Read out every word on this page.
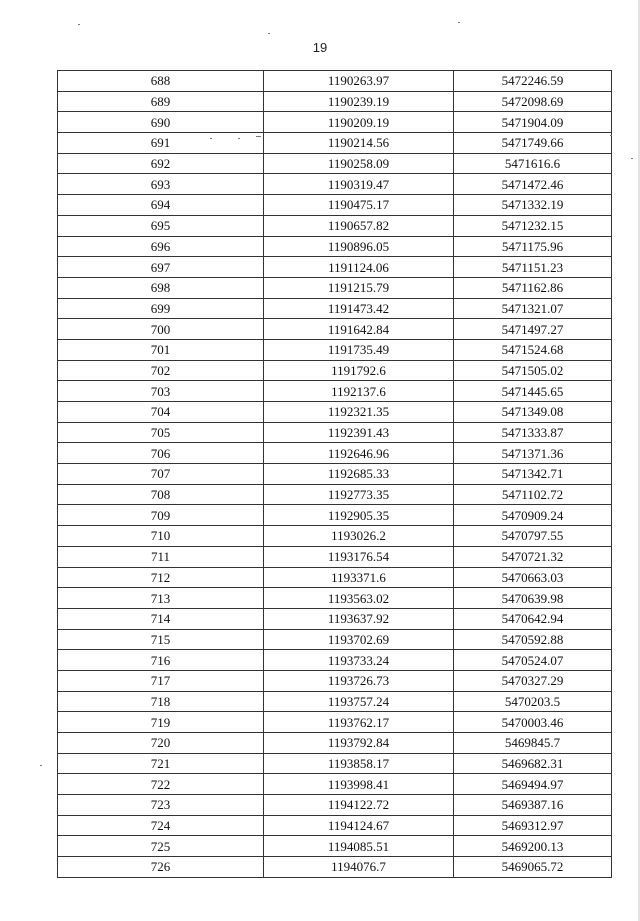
19
688	1190263.97	5472246.59
689	1190239.19	5472098.69
690	1190209.19	5471904.09
691	1190214.56	5471749.66
692	1190258.09	5471616.6
693	1190319.47	5471472.46
694	1190475.17	5471332.19
695	1190657.82	5471232.15
696	1190896.05	5471175.96
697	1191124.06	5471151.23
698	1191215.79	5471162.86
699	1191473.42	5471321.07
700	1191642.84	5471497.27
701	1191735.49	5471524.68
702	1191792.6	5471505.02
703	1192137.6	5471445.65
704	1192321.35	5471349.08
705	1192391.43	5471333.87
706	1192646.96	5471371.36
707	1192685.33	5471342.71
708	1192773.35	5471102.72
709	1192905.35	5470909.24
710	1193026.2	5470797.55
711	1193176.54	5470721.32
712	1193371.6	5470663.03
713	1193563.02	5470639.98
714	1193637.92	5470642.94
715	1193702.69	5470592.88
716	1193733.24	5470524.07
717	1193726.73	5470327.29
718	1193757.24	5470203.5
719	1193762.17	5470003.46
720	1193792.84	5469845.7
721	1193858.17	5469682.31
722	1193998.41	5469494.97
723	1194122.72	5469387.16
724	1194124.67	5469312.97
725	1194085.51	5469200.13
726	1194076.7	5469065.72
